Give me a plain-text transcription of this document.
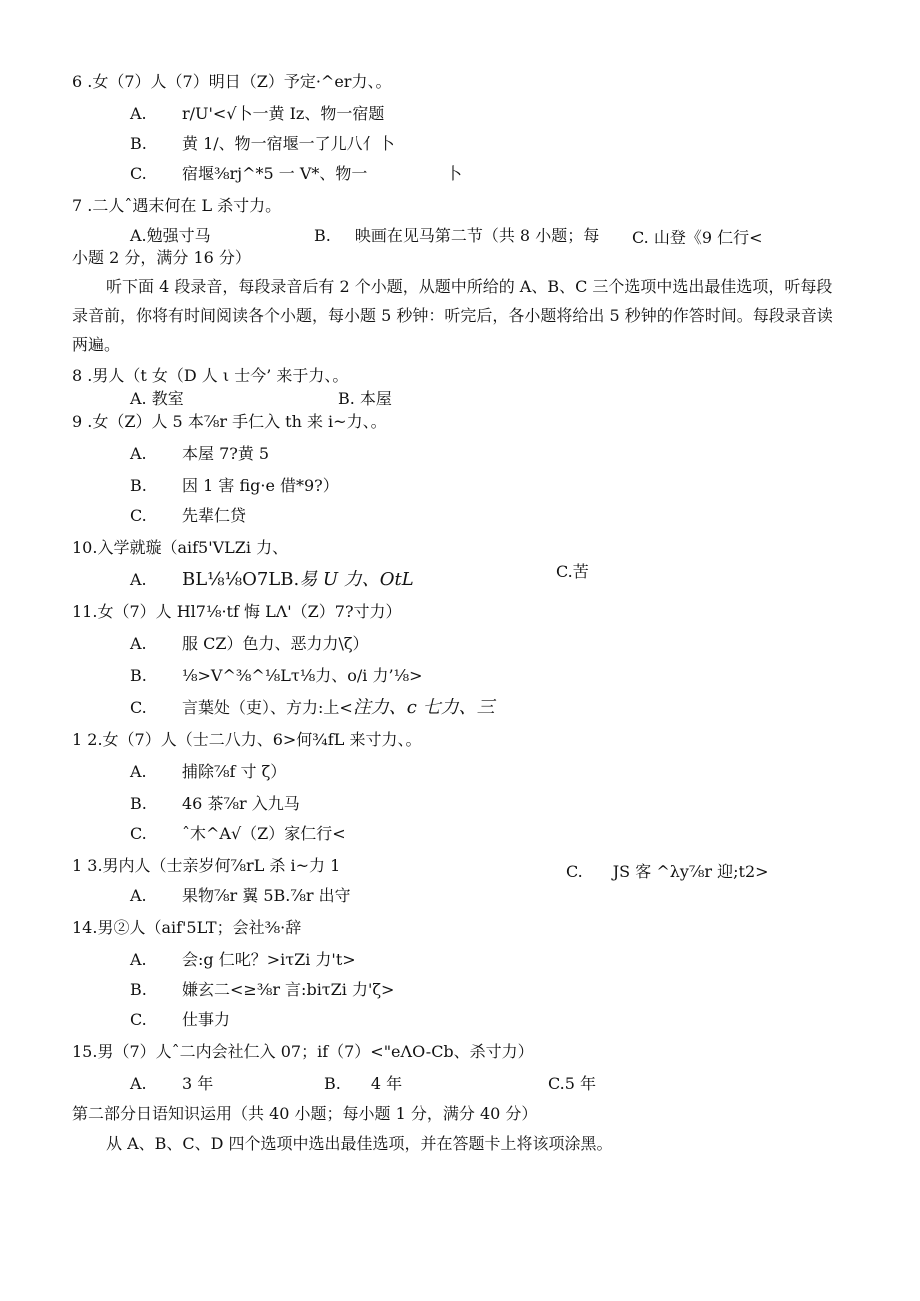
6 .女（7）人（7）明日（Z）予定·^er力、。
A. r/U'<√卜一黄 Iz、物一宿题
B. 黄 1/、物一宿堰一了儿八亻卜
C. 宿堰⅜rj^*5 一 V*、物一	卜
7 .二人ˆ遇末何在 L 杀寸力。
A.勉强寸马	B. 映画在见马第二节（共 8 小题；每 C. 山登《9 仁行<
小题 2 分，满分 16 分）
听下面 4 段录音，每段录音后有 2 个小题，从题中所给的 A、B、C 三个选项中选出最佳选项，听每段录音前，你将有时间阅读各个小题，每小题 5 秒钟：听完后，各小题将给出 5 秒钟的作答时间。每段录音读两遍。
8 .男人（t 女（D 人 ι 士今’ 来于力、。
A. 教室	B. 本屋
9 .女（Z）人 5 本⅞r 手仁入 th 来 i~力、。
A. 本屋 7?黄 5
B. 因 1 害 fig·e 借*9?）
C. 先辈仁贷
10.入学就璇（aif5'VLZi 力、
C.苦
A. BL⅛⅛O7LB.易 U 力、OtL
11.女（7）人 Hl7⅛·tf 悔 LΛ'（Z）7?寸力）
A. 服 CZ）色力、恶力力\ζ）
B. ⅛>V^⅜^⅛Lτ⅛力、o/i 力’⅛>
C. 言葉处（吏）、方力:上<注力、c 七力、三
1 2.女（7）人（士二八力、6>何¾fL 来寸力、。
A. 捕除⅞f 寸 ζ）
B. 46 茶⅞r 入九马
C. ˆ木^A√（Z）家仁行<
1 3.男内人（士亲岁何⅞rL 杀 i~力 1	C. JS 客 ^λy⅞r 迎;t2>
A. 果物⅞r 翼 5B.⅞r 出守
14.男②人（aif'5LT；会社⅜·辞
A. 会:g 仁叱？>iτZi 力't>
B. 嫌玄二<≥⅜r 言:biτZi 力'ζ>
C. 仕事力
15.男（7）人ˆ二内会社仁入 07；if（7）<"eΛO-Cb、杀寸力）
A. 3 年	B. 4 年	C.5 年
第二部分日语知识运用（共 40 小题；每小题 1 分，满分 40 分）
从 A、B、C、D 四个选项中选出最佳选项，并在答题卡上将该项涂黑。
